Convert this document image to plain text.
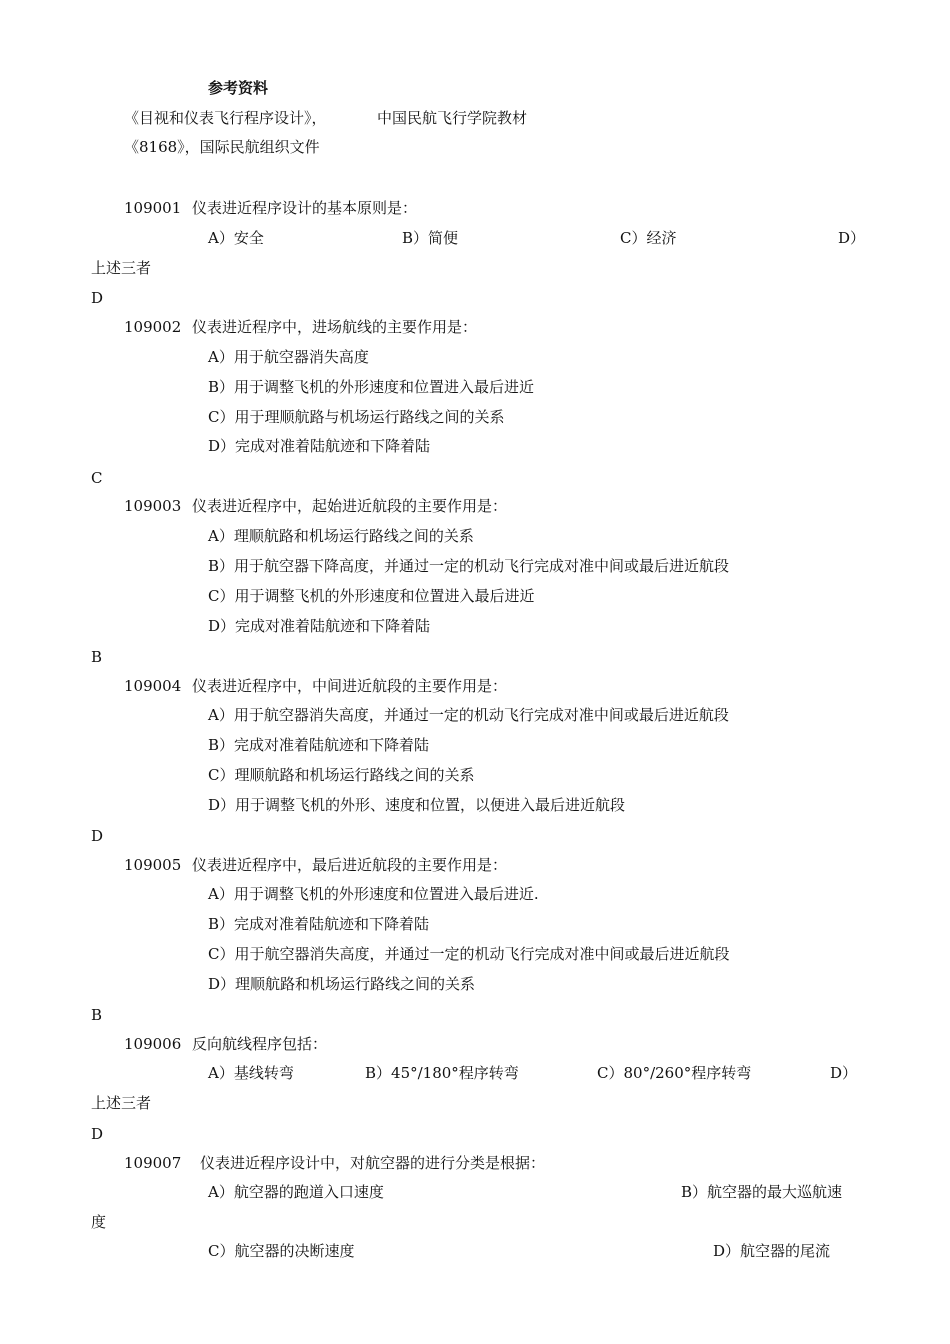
参考资料
《目视和仪表飞行程序设计》，	中国民航飞行学院教材
《8168》，国际民航组织文件
109001 仪表进近程序设计的基本原则是：
A）安全	B）简便	C）经济	D）
上述三者
D
109002 仪表进近程序中，进场航线的主要作用是：
A）用于航空器消失高度
B）用于调整飞机的外形速度和位置进入最后进近
C）用于理顺航路与机场运行路线之间的关系
D）完成对准着陆航迹和下降着陆
C
109003 仪表进近程序中，起始进近航段的主要作用是：
A）理顺航路和机场运行路线之间的关系
B）用于航空器下降高度，并通过一定的机动飞行完成对准中间或最后进近航段
C）用于调整飞机的外形速度和位置进入最后进近
D）完成对准着陆航迹和下降着陆
B
109004 仪表进近程序中，中间进近航段的主要作用是：
A）用于航空器消失高度，并通过一定的机动飞行完成对准中间或最后进近航段
B）完成对准着陆航迹和下降着陆
C）理顺航路和机场运行路线之间的关系
D）用于调整飞机的外形、速度和位置，以便进入最后进近航段
D
109005 仪表进近程序中，最后进近航段的主要作用是：
A）用于调整飞机的外形速度和位置进入最后进近.
B）完成对准着陆航迹和下降着陆
C）用于航空器消失高度，并通过一定的机动飞行完成对准中间或最后进近航段
D）理顺航路和机场运行路线之间的关系
B
109006 反向航线程序包括：
A）基线转弯	B）45°/180°程序转弯	C）80°/260°程序转弯	D）
上述三者
D
109007 仪表进近程序设计中，对航空器的进行分类是根据：
A）航空器的跑道入口速度	B）航空器的最大巡航速
度
C）航空器的决断速度	D）航空器的尾流
